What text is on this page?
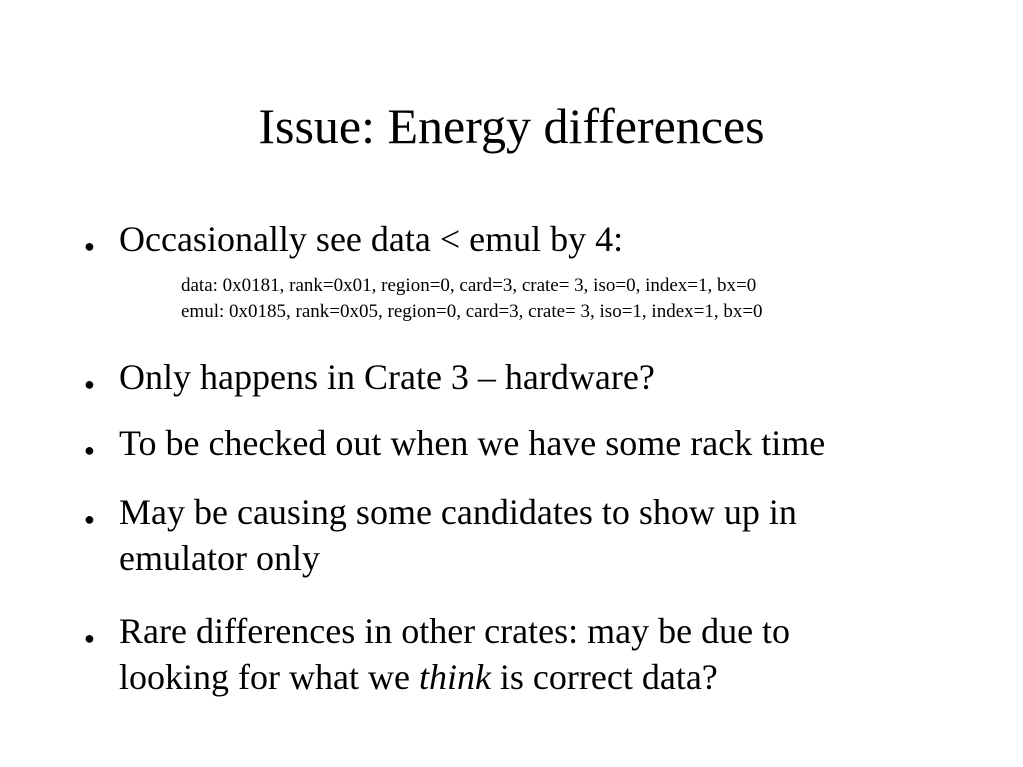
Issue: Energy differences
● Occasionally see data < emul by 4:
data: 0x0181, rank=0x01, region=0, card=3, crate= 3, iso=0, index=1, bx=0
emul: 0x0185, rank=0x05, region=0, card=3, crate= 3, iso=1, index=1, bx=0
● Only happens in Crate 3 – hardware?
● To be checked out when we have some rack time
● May be causing some candidates to show up in
emulator only
● Rare differences in other crates: may be due to
looking for what we think is correct data?
